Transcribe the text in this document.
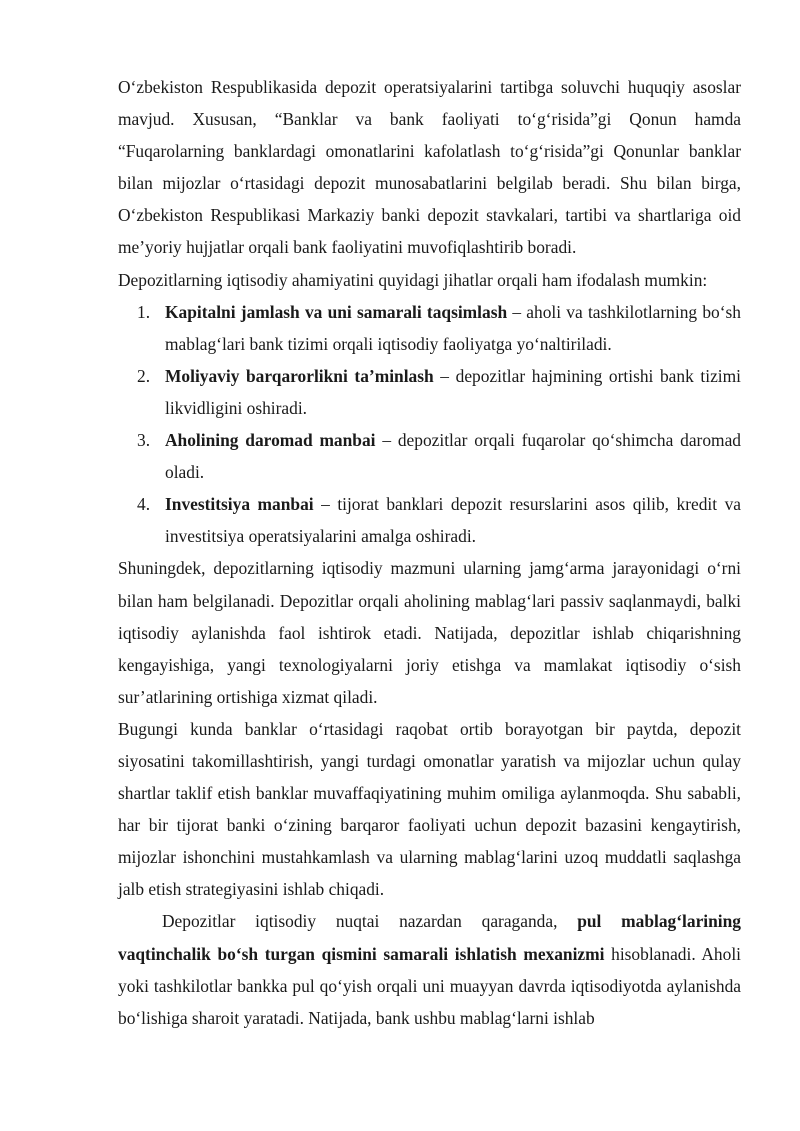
O‘zbekiston Respublikasida depozit operatsiyalarini tartibga soluvchi huquqiy asoslar mavjud. Xususan, “Banklar va bank faoliyati to‘g‘risida”gi Qonun hamda “Fuqarolarning banklardagi omonatlarini kafolatlash to‘g‘risida”gi Qonunlar banklar bilan mijozlar o‘rtasidagi depozit munosabatlarini belgilab beradi. Shu bilan birga, O‘zbekiston Respublikasi Markaziy banki depozit stavkalari, tartibi va shartlariga oid me’yoriy hujjatlar orqali bank faoliyatini muvofiqlashtirib boradi.

Depozitlarning iqtisodiy ahamiyatini quyidagi jihatlar orqali ham ifodalash mumkin:

1. Kapitalni jamlash va uni samarali taqsimlash – aholi va tashkilotlarning bo‘sh mablag‘lari bank tizimi orqali iqtisodiy faoliyatga yo‘naltiriladi.
2. Moliyaviy barqarorlikni ta’minlash – depozitlar hajmining ortishi bank tizimi likvidligini oshiradi.
3. Aholining daromad manbai – depozitlar orqali fuqarolar qo‘shimcha daromad oladi.
4. Investitsiya manbai – tijorat banklari depozit resurslarini asos qilib, kredit va investitsiya operatsiyalarini amalga oshiradi.

Shuningdek, depozitlarning iqtisodiy mazmuni ularning jamg‘arma jarayonidagi o‘rni bilan ham belgilanadi. Depozitlar orqali aholining mablag‘lari passiv saqlanmaydi, balki iqtisodiy aylanishda faol ishtirok etadi. Natijada, depozitlar ishlab chiqarishning kengayishiga, yangi texnologiyalarni joriy etishga va mamlakat iqtisodiy o‘sish sur’atlarining ortishiga xizmat qiladi.

Bugungi kunda banklar o‘rtasidagi raqobat ortib borayotgan bir paytda, depozit siyosatini takomillashtirish, yangi turdagi omonatlar yaratish va mijozlar uchun qulay shartlar taklif etish banklar muvaffaqiyatining muhim omiliga aylanmoqda. Shu sababli, har bir tijorat banki o‘zining barqaror faoliyati uchun depozit bazasini kengaytirish, mijozlar ishonchini mustahkamlash va ularning mablag‘larini uzoq muddatli saqlashga jalb etish strategiyasini ishlab chiqadi.

Depozitlar iqtisodiy nuqtai nazardan qaraganda, pul mablag‘larining vaqtinchalik bo‘sh turgan qismini samarali ishlatish mexanizmi hisoblanadi. Aholi yoki tashkilotlar bankka pul qo‘yish orqali uni muayyan davrda iqtisodiyotda aylanishda bo‘lishiga sharoit yaratadi. Natijada, bank ushbu mablag‘larni ishlab
